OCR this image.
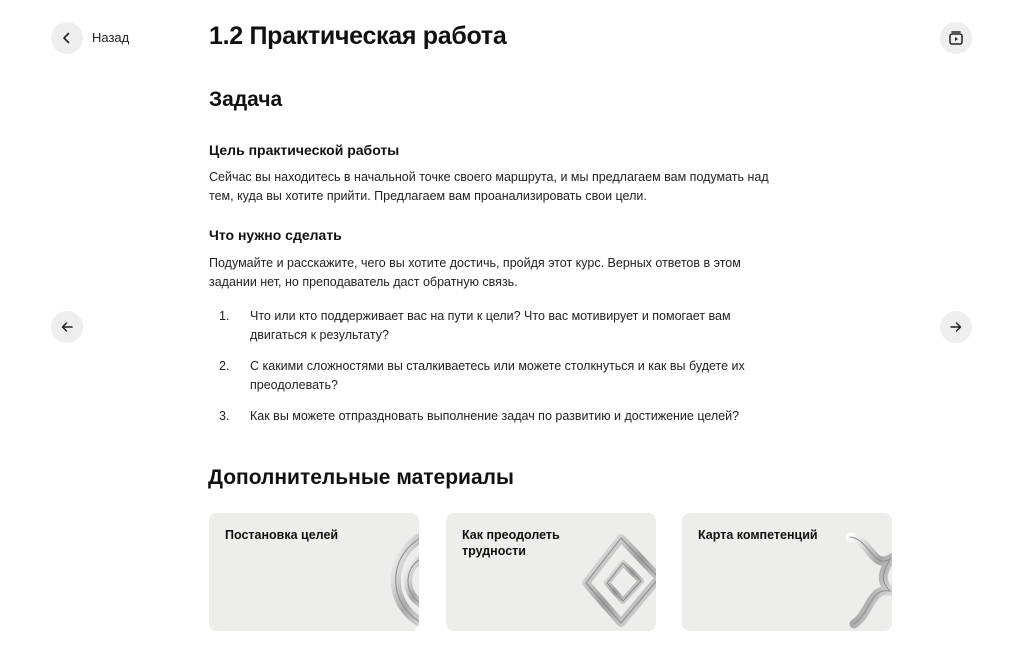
Назад	1.2 Практическая работа
Задача
Цель практической работы

Сейчас вы находитесь в начальной точке своего маршрута, и мы предлагаем вам подумать над тем, куда вы хотите прийти. Предлагаем вам проанализировать свои цели.

Что нужно сделать

Подумайте и расскажите, чего вы хотите достичь, пройдя этот курс. Верных ответов в этом задании нет, но преподаватель даст обратную связь.

1. Что или кто поддерживает вас на пути к цели? Что вас мотивирует и помогает вам двигаться к результату?
2. С какими сложностями вы сталкиваетесь или можете столкнуться и как вы будете их преодолевать?
3. Как вы можете отпраздновать выполнение задач по развитию и достижение целей?
Дополнительные материалы
Постановка целей	Как преодолеть трудности
Карта компетенций
